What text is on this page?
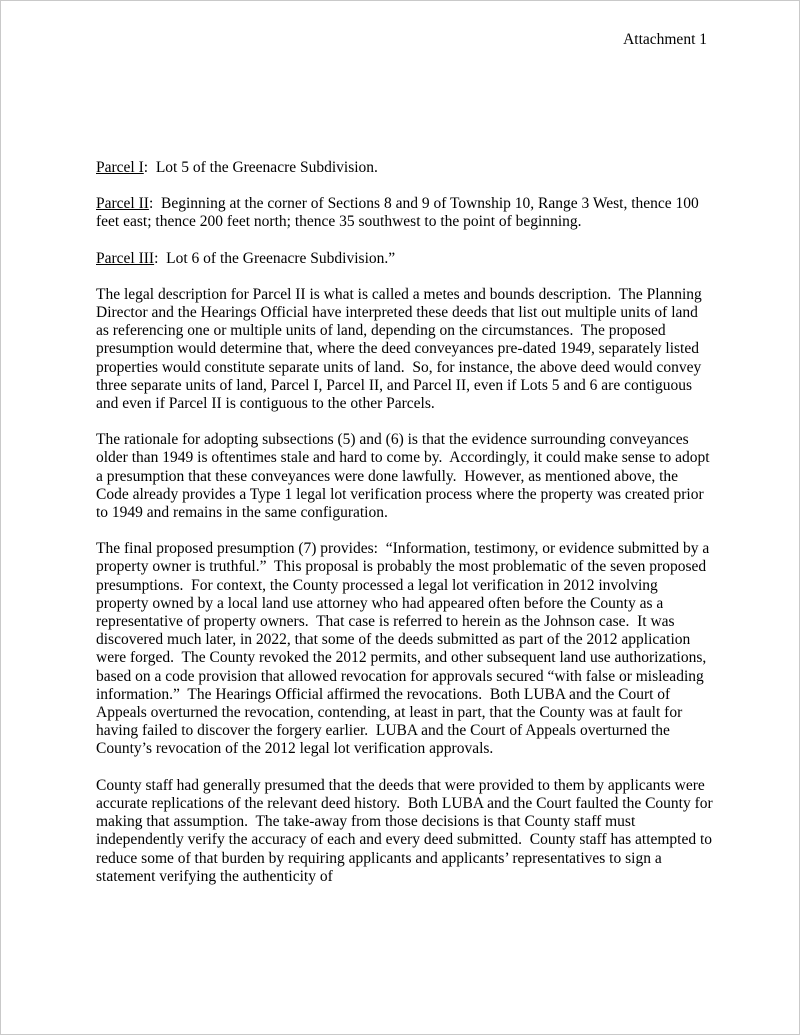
Attachment 1

Parcel I:  Lot 5 of the Greenacre Subdivision.

Parcel II:  Beginning at the corner of Sections 8 and 9 of Township 10, Range 3 West, thence 100 feet east; thence 200 feet north; thence 35 southwest to the point of beginning.

Parcel III:  Lot 6 of the Greenacre Subdivision.”

The legal description for Parcel II is what is called a metes and bounds description.  The Planning Director and the Hearings Official have interpreted these deeds that list out multiple units of land as referencing one or multiple units of land, depending on the circumstances.  The proposed presumption would determine that, where the deed conveyances pre-dated 1949, separately listed properties would constitute separate units of land.  So, for instance, the above deed would convey three separate units of land, Parcel I, Parcel II, and Parcel II, even if Lots 5 and 6 are contiguous and even if Parcel II is contiguous to the other Parcels.

The rationale for adopting subsections (5) and (6) is that the evidence surrounding conveyances older than 1949 is oftentimes stale and hard to come by.  Accordingly, it could make sense to adopt a presumption that these conveyances were done lawfully.  However, as mentioned above, the Code already provides a Type 1 legal lot verification process where the property was created prior to 1949 and remains in the same configuration.

The final proposed presumption (7) provides:  “Information, testimony, or evidence submitted by a property owner is truthful.”  This proposal is probably the most problematic of the seven proposed presumptions.  For context, the County processed a legal lot verification in 2012 involving property owned by a local land use attorney who had appeared often before the County as a representative of property owners.  That case is referred to herein as the Johnson case.  It was discovered much later, in 2022, that some of the deeds submitted as part of the 2012 application were forged.  The County revoked the 2012 permits, and other subsequent land use authorizations, based on a code provision that allowed revocation for approvals secured “with false or misleading information.”  The Hearings Official affirmed the revocations.  Both LUBA and the Court of Appeals overturned the revocation, contending, at least in part, that the County was at fault for having failed to discover the forgery earlier.  LUBA and the Court of Appeals overturned the County’s revocation of the 2012 legal lot verification approvals.

County staff had generally presumed that the deeds that were provided to them by applicants were accurate replications of the relevant deed history.  Both LUBA and the Court faulted the County for making that assumption.  The take-away from those decisions is that County staff must independently verify the accuracy of each and every deed submitted.  County staff has attempted to reduce some of that burden by requiring applicants and applicants’ representatives to sign a statement verifying the authenticity of
